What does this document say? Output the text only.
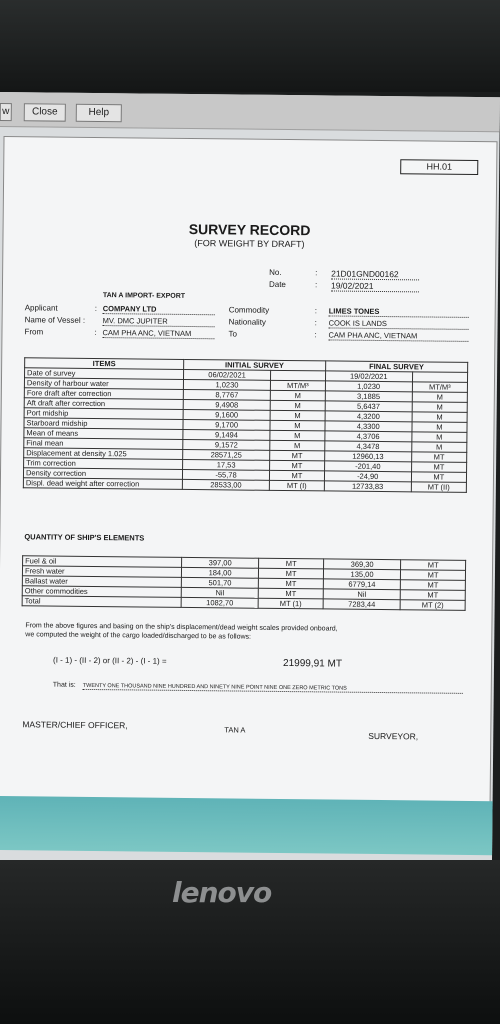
w	Close	Help
HH.01
SURVEY RECORD
(FOR WEIGHT BY DRAFT)
No.	: 21D01GND00162
Date	: 19/02/2021
TAN A IMPORT- EXPORT
Applicant	: COMPANY LTD
Name of Vessel : MV. DMC JUPITER
From	: CAM PHA ANC, VIETNAM
Commodity	: LIMES TONES
Nationality	: COOK IS LANDS
To	: CAM PHA ANC, VIETNAM
ITEMS	INITIAL SURVEY		FINAL SURVEY	
Date of survey	06/02/2021		19/02/2021	
Density of harbour water	1,0230	MT/M³	1,0230	MT/M³
Fore draft after correction	8,7767	M	3,1885	M
Aft draft after correction	9,4908	M	5,6437	M
Port midship	9,1600	M	4,3200	M
Starboard midship	9,1700	M	4,3300	M
Mean of means	9,1494	M	4,3706	M
Final mean	9,1572	M	4,3478	M
Displacement at density 1.025	28571,25	MT	12960,13	MT
Trim correction	17,53	MT	-201,40	MT
Density correction	-55,78	MT	-24,90	MT
Displ. dead weight after correction	28533,00	MT (I)	12733,83	MT (II)
QUANTITY OF SHIP'S ELEMENTS
Fuel & oil	397,00	MT	369,30	MT
Fresh water	184,00	MT	135,00	MT
Ballast water	501,70	MT	6779,14	MT
Other commodities	Nil	MT	Nil	MT
Total	1082,70	MT (1)	7283,44	MT (2)
From the above figures and basing on the ship's displacement/dead weight scales provided onboard,
we computed the weight of the cargo loaded/discharged to be as follows:
(I - 1) - (II - 2) or (II - 2) - (I - 1) =	21999,91 MT
That is: TWENTY ONE THOUSAND NINE HUNDRED AND NINETY NINE POINT NINE ONE ZERO METRIC TONS
MASTER/CHIEF OFFICER,	TAN A
SURVEYOR,
lenovo
